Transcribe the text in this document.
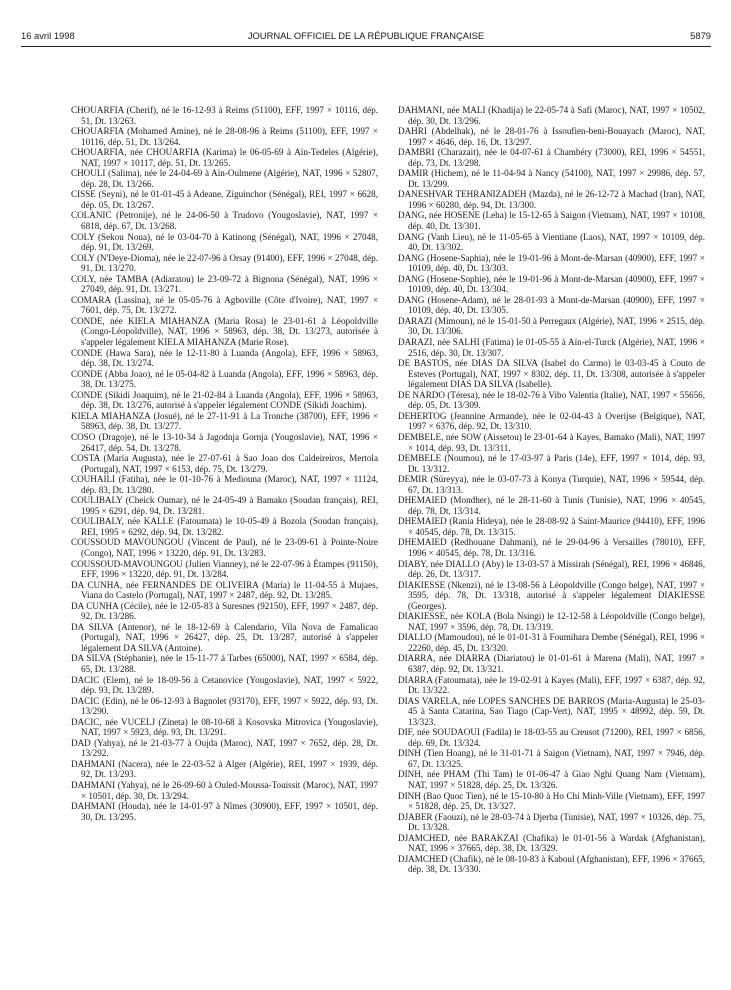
16 avril 1998	JOURNAL OFFICIEL DE LA RÉPUBLIQUE FRANÇAISE	5879

CHOUARFIA (Cherif), né le 16-12-93 à Reims (51100), EFF, 1997 × 10116, dép. 51, Dt. 13/263.

CHOUARFIA (Mohamed Amine), né le 28-08-96 à Reims (51100), EFF, 1997 × 10116, dép. 51, Dt. 13/264.

CHOUARFIA, née CHOUARFIA (Karima) le 06-05-69 à Aïn-Tedeles (Algérie), NAT, 1997 × 10117, dép. 51, Dt. 13/265.

CHOULI (Salima), née le 24-04-69 à Aïn-Oulmene (Algérie), NAT, 1996 × 52807, dép. 28, Dt. 13/266.

CISSE (Seyni), né le 01-01-45 à Adeane, Ziguinchor (Sénégal), REI, 1997 × 6628, dép. 05, Dt. 13/267.

COLANIC (Petronije), né le 24-06-50 à Trudovo (Yougoslavie), NAT, 1997 × 6818, dép. 67, Dt. 13/268.

COLY (Sekou Noua), né le 03-04-70 à Katinong (Sénégal), NAT, 1996 × 27048, dép. 91, Dt. 13/269.

COLY (N'Deye-Dioma), née le 22-07-96 à Orsay (91400), EFF, 1996 × 27048, dép. 91, Dt. 13/270.

COLY, née TAMBA (Adiaratou) le 23-09-72 à Bignona (Sénégal), NAT, 1996 × 27049, dép. 91, Dt. 13/271.

COMARA (Lassina), né le 05-05-76 à Agboville (Côte d'Ivoire), NAT, 1997 × 7601, dép. 75, Dt. 13/272.

CONDE, née KIELA MIAHANZA (Maria Rosa) le 23-01-61 à Léopoldville (Congo-Léopoldville), NAT, 1996 × 58963, dép. 38, Dt. 13/273, autorisée à s'appeler légalement KIELA MIAHANZA (Marie Rose).

CONDE (Hawa Sara), née le 12-11-80 à Luanda (Angola), EFF, 1996 × 58963, dép. 38, Dt. 13/274.

CONDE (Abba Joao), né le 05-04-82 à Luanda (Angola), EFF, 1996 × 58963, dép. 38, Dt. 13/275.

CONDE (Sikidi Joaquim), né le 21-02-84 à Luanda (Angola), EFF, 1996 × 58963, dép. 38, Dt. 13/276, autorisé à s'appeler légalement CONDE (Sikidi Joachim).

KIELA MIAHANZA (Josué), né le 27-11-91 à La Tronche (38700), EFF, 1996 × 58963, dép. 38, Dt. 13/277.

COSO (Dragoje), né le 13-10-34 à Jagodnja Gornja (Yougoslavie), NAT, 1996 × 26417, dép. 54, Dt. 13/278.

COSTA (Maria Augusta), née le 27-07-61 à Sao Joao dos Caldeireiros, Mertola (Portugal), NAT, 1997 × 6153, dép. 75, Dt. 13/279.

COUHAILI (Fatiha), née le 01-10-76 à Mediouna (Maroc), NAT, 1997 × 11124, dép. 83, Dt. 13/280.

COULIBALY (Cheick Oumar), né le 24-05-49 à Bamako (Soudan français), REI, 1995 × 6291, dép. 94, Dt. 13/281.

COULIBALY, née KALLE (Fatoumata) le 10-05-49 à Bozola (Soudan français), REI, 1995 × 6292, dép. 94, Dt. 13/282.

COUSSOUD MAVOUNGOU (Vincent de Paul), né le 23-09-61 à Pointe-Noire (Congo), NAT, 1996 × 13220, dép. 91, Dt. 13/283.

COUSSOUD-MAVOUNGOU (Julien Vianney), né le 22-07-96 à Étampes (91150), EFF, 1996 × 13220, dép. 91, Dt. 13/284.

DA CUNHA, née FERNANDES DE OLIVEIRA (Maria) le 11-04-55 à Mujaes, Viana do Castelo (Portugal), NAT, 1997 × 2487, dép. 92, Dt. 13/285.

DA CUNHA (Cécile), née le 12-05-83 à Suresnes (92150), EFF, 1997 × 2487, dép. 92, Dt. 13/286.

DA SILVA (Antenor), né le 18-12-69 à Calendario, Vila Nova de Famalicao (Portugal), NAT, 1996 × 26427, dép. 25, Dt. 13/287, autorisé à s'appeler légalement DA SILVA (Antoine).

DA SILVA (Stéphanie), née le 15-11-77 à Tarbes (65000), NAT, 1997 × 6584, dép. 65, Dt. 13/288.

DACIC (Elem), né le 18-09-56 à Cetanovice (Yougoslavie), NAT, 1997 × 5922, dép. 93, Dt. 13/289.

DACIC (Edin), né le 06-12-93 à Bagnolet (93170), EFF, 1997 × 5922, dép. 93, Dt. 13/290.

DACIC, née VUCELJ (Zineta) le 08-10-68 à Kosovska Mitrovica (Yougoslavie), NAT, 1997 × 5923, dép. 93, Dt. 13/291.

DAD (Yahya), né le 21-03-77 à Oujda (Maroc), NAT, 1997 × 7652, dép. 28, Dt. 13/292.

DAHMANI (Nacera), née le 22-03-52 à Alger (Algérie), REI, 1997 × 1939, dép. 92, Dt. 13/293.

DAHMANI (Yahya), né le 26-09-60 à Ouled-Moussa-Touissit (Maroc), NAT, 1997 × 10501, dép. 30, Dt. 13/294.

DAHMANI (Houda), née le 14-01-97 à Nîmes (30900), EFF, 1997 × 10501, dép. 30, Dt. 13/295.

DAHMANI, née MALI (Khadija) le 22-05-74 à Safi (Maroc), NAT, 1997 × 10502, dép. 30, Dt. 13/296.

DAHRI (Abdelhak), né le 28-01-76 à Issoufien-beni-Bouayach (Maroc), NAT, 1997 × 4646, dép. 16, Dt. 13/297.

DAMBRI (Charazait), née le 04-07-61 à Chambéry (73000), REI, 1996 × 54551, dép. 73, Dt. 13/298.

DAMIR (Hichem), né le 11-04-94 à Nancy (54100), NAT, 1997 × 29986, dép. 57, Dt. 13/299.

DANESHVAR TEHRANIZADEH (Mazda), né le 26-12-72 à Machad (Iran), NAT, 1996 × 60280, dép. 94, Dt. 13/300.

DANG, née HOSENE (Leha) le 15-12-65 à Saigon (Vietnam), NAT, 1997 × 10108, dép. 40, Dt. 13/301.

DANG (Vanh Lieu), né le 11-05-65 à Vientiane (Laos), NAT, 1997 × 10109, dép. 40, Dt. 13/302.

DANG (Hosene-Saphia), née le 19-01-96 à Mont-de-Marsan (40900), EFF, 1997 × 10109, dép. 40, Dt. 13/303.

DANG (Hosene-Sophie), née le 19-01-96 à Mont-de-Marsan (40900), EFF, 1997 × 10109, dép. 40, Dt. 13/304.

DANG (Hosene-Adam), né le 28-01-93 à Mont-de-Marsan (40900), EFF, 1997 × 10109, dép. 40, Dt. 13/305.

DARAZI (Mimoun), né le 15-01-50 à Perregaux (Algérie), NAT, 1996 × 2515, dép. 30, Dt. 13/306.

DARAZI, née SALHI (Fatima) le 01-05-55 à Aïn-el-Turck (Algérie), NAT, 1996 × 2516, dép. 30, Dt. 13/307.

DE BASTOS, née DIAS DA SILVA (Isabel do Carmo) le 03-03-45 à Couto de Esteves (Portugal), NAT, 1997 × 8302, dép. 11, Dt. 13/308, autorisée à s'appeler légalement DIAS DA SILVA (Isabelle).

DE NARDO (Téresa), née le 18-02-76 à Vibo Valentia (Italie), NAT, 1997 × 55656, dép. 05, Dt. 13/309.

DEHERTOG (Jeannine Armande), née le 02-04-43 à Overijse (Belgique), NAT, 1997 × 6376, dép. 92, Dt. 13/310.

DEMBELE, née SOW (Aissetou) le 23-01-64 à Kayes, Bamako (Mali), NAT, 1997 × 1014, dép. 93, Dt. 13/311.

DEMBELE (Noumou), né le 17-03-97 à Paris (14e), EFF, 1997 × 1014, dép. 93, Dt. 13/312.

DEMIR (Süreyya), née le 03-07-73 à Konya (Turquie), NAT, 1996 × 59544, dép. 67, Dt. 13/313.

DHEMAIED (Mondher), né le 28-11-60 à Tunis (Tunisie), NAT, 1996 × 40545, dép. 78, Dt. 13/314.

DHEMAIED (Rania Hideya), née le 28-08-92 à Saint-Maurice (94410), EFF, 1996 × 40545, dép. 78, Dt. 13/315.

DHEMAIED (Redhouane Dahmani), né le 29-04-96 à Versailles (78010), EFF, 1996 × 40545, dép. 78, Dt. 13/316.

DIABY, née DIALLO (Aby) le 13-03-57 à Missirah (Sénégal), REI, 1996 × 46846, dép. 26, Dt. 13/317.

DIAKIESSE (Nkenzi), né le 13-08-56 à Léopoldville (Congo belge), NAT, 1997 × 3595, dép. 78, Dt. 13/318, autorisé à s'appeler légalement DIAKIESSE (Georges).

DIAKIESSE, née KOLA (Bola Nsingi) le 12-12-58 à Léopoldville (Congo belge), NAT, 1997 × 3596, dép. 78, Dt. 13/319.

DIALLO (Mamoudou), né le 01-01-31 à Foumihara Dembe (Sénégal), REI, 1996 × 22260, dép. 45, Dt. 13/320.

DIARRA, née DIARRA (Diariatou) le 01-01-61 à Marena (Mali), NAT, 1997 × 6387, dép. 92, Dt. 13/321.

DIARRA (Fatoumata), née le 19-02-91 à Kayes (Mali), EFF, 1997 × 6387, dép. 92, Dt. 13/322.

DIAS VARELA, née LOPES SANCHES DE BARROS (Maria-Augusta) le 25-03-45 à Santa Catarina, Sao Tiago (Cap-Vert), NAT, 1995 × 48992, dép. 59, Dt. 13/323.

DIF, née SOUDAOUI (Fadila) le 18-03-55 au Creusot (71200), REI, 1997 × 6856, dép. 69, Dt. 13/324.

DINH (Tien Hoang), né le 31-01-71 à Saigon (Vietnam), NAT, 1997 × 7946, dép. 67, Dt. 13/325.

DINH, née PHAM (Thi Tam) le 01-06-47 à Giao Nghi Quang Nam (Vietnam), NAT, 1997 × 51828, dép. 25, Dt. 13/326.

DINH (Bao Quoc Tien), né le 15-10-80 à Ho Chi Minh-Ville (Vietnam), EFF, 1997 × 51828, dép. 25, Dt. 13/327.

DJABER (Faouzi), né le 28-03-74 à Djerba (Tunisie), NAT, 1997 × 10326, dép. 75, Dt. 13/328.

DJAMCHED, née BARAKZAI (Chafika) le 01-01-56 à Wardak (Afghanistan), NAT, 1996 × 37665, dép. 38, Dt. 13/329.

DJAMCHED (Chafik), né le 08-10-83 à Kaboul (Afghanistan), EFF, 1996 × 37665, dép. 38, Dt. 13/330.
